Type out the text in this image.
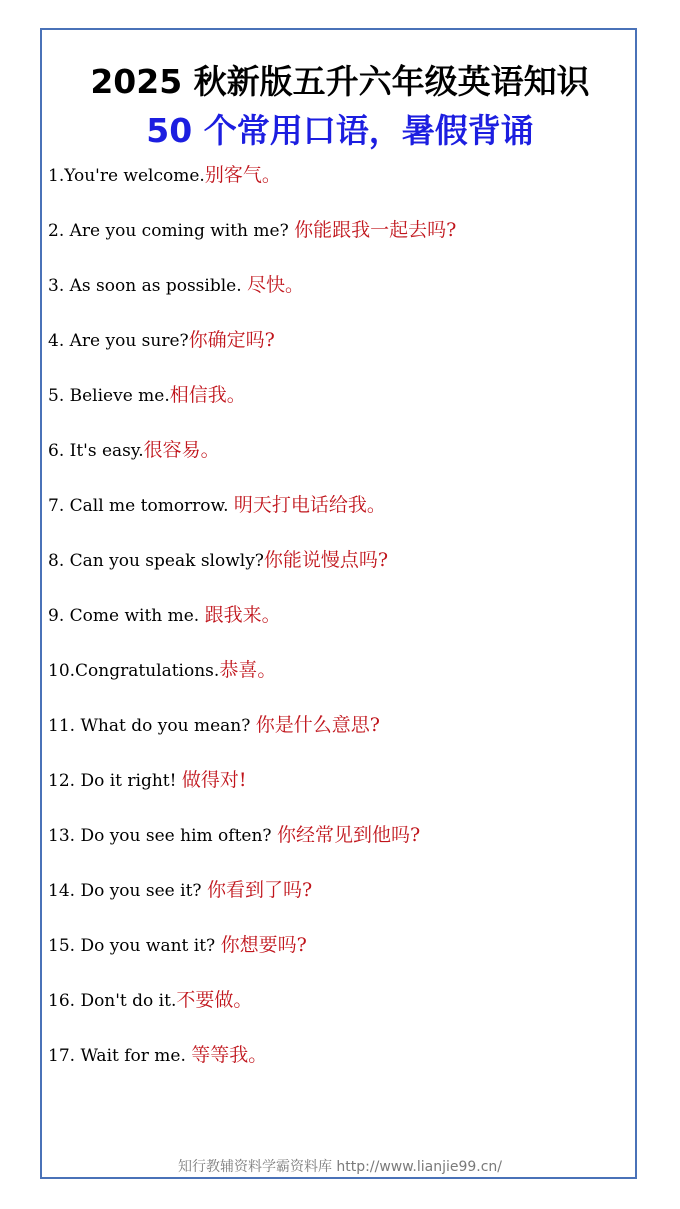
2025 秋新版五升六年级英语知识
50 个常用口语，暑假背诵
1.You're welcome.别客气。
2. Are you coming with me? 你能跟我一起去吗?
3. As soon as possible. 尽快。
4. Are you sure?你确定吗?
5. Believe me.相信我。
6. It's easy.很容易。
7. Call me tomorrow. 明天打电话给我。
8. Can you speak slowly?你能说慢点吗?
9. Come with me. 跟我来。
10.Congratulations.恭喜。
11. What do you mean? 你是什么意思?
12. Do it right! 做得对!
13. Do you see him often? 你经常见到他吗?
14. Do you see it? 你看到了吗?
15. Do you want it? 你想要吗?
16. Don't do it.不要做。
17. Wait for me. 等等我。
知行教辅资料学霸资料库 http://www.lianjie99.cn/
